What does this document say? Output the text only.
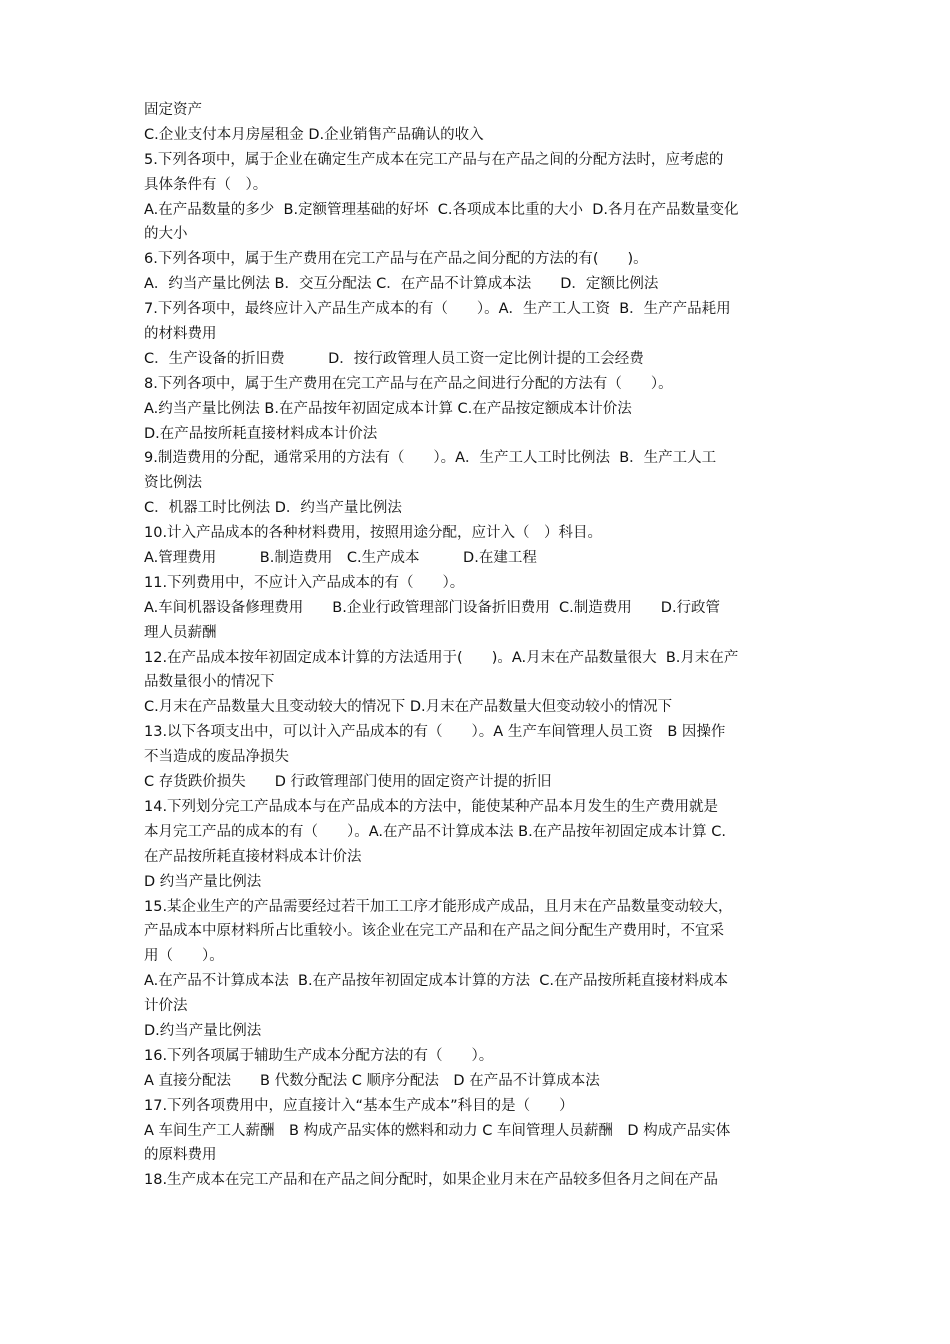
固定资产
C.企业支付本月房屋租金 D.企业销售产品确认的收入
5.下列各项中，属于企业在确定生产成本在完工产品与在产品之间的分配方法时，应考虑的
具体条件有（　）。
A.在产品数量的多少  B.定额管理基础的好坏  C.各项成本比重的大小  D.各月在产品数量变化
的大小
6.下列各项中，属于生产费用在完工产品与在产品之间分配的方法的有(　　)。
A．约当产量比例法 B．交互分配法 C．在产品不计算成本法　　D．定额比例法
7.下列各项中，最终应计入产品生产成本的有（　　）。A．生产工人工资  B．生产产品耗用
的材料费用
C．生产设备的折旧费　　　D．按行政管理人员工资一定比例计提的工会经费
8.下列各项中，属于生产费用在完工产品与在产品之间进行分配的方法有（　　）。
A.约当产量比例法 B.在产品按年初固定成本计算 C.在产品按定额成本计价法
D.在产品按所耗直接材料成本计价法
9.制造费用的分配，通常采用的方法有（　　）。A．生产工人工时比例法  B．生产工人工
资比例法
C．机器工时比例法 D．约当产量比例法
10.计入产品成本的各种材料费用，按照用途分配，应计入（　）科目。
A.管理费用　　　B.制造费用　C.生产成本　　　D.在建工程
11.下列费用中，不应计入产品成本的有（　　）。
A.车间机器设备修理费用　　B.企业行政管理部门设备折旧费用  C.制造费用　　D.行政管
理人员薪酬
12.在产品成本按年初固定成本计算的方法适用于(　　)。A.月末在产品数量很大  B.月末在产
品数量很小的情况下
C.月末在产品数量大且变动较大的情况下 D.月末在产品数量大但变动较小的情况下
13.以下各项支出中，可以计入产品成本的有（　　）。A 生产车间管理人员工资　B 因操作
不当造成的废品净损失
C 存货跌价损失　　D 行政管理部门使用的固定资产计提的折旧
14.下列划分完工产品成本与在产品成本的方法中，能使某种产品本月发生的生产费用就是
本月完工产品的成本的有（　　）。A.在产品不计算成本法 B.在产品按年初固定成本计算 C.
在产品按所耗直接材料成本计价法
D 约当产量比例法
15.某企业生产的产品需要经过若干加工工序才能形成产成品，且月末在产品数量变动较大，
产品成本中原材料所占比重较小。该企业在完工产品和在产品之间分配生产费用时，不宜采
用（　　）。
A.在产品不计算成本法  B.在产品按年初固定成本计算的方法  C.在产品按所耗直接材料成本
计价法
D.约当产量比例法
16.下列各项属于辅助生产成本分配方法的有（　　）。
A 直接分配法　　B 代数分配法 C 顺序分配法　D 在产品不计算成本法
17.下列各项费用中，应直接计入“基本生产成本”科目的是（　　）
A 车间生产工人薪酬　B 构成产品实体的燃料和动力 C 车间管理人员薪酬　D 构成产品实体
的原料费用
18.生产成本在完工产品和在产品之间分配时，如果企业月末在产品较多但各月之间在产品
